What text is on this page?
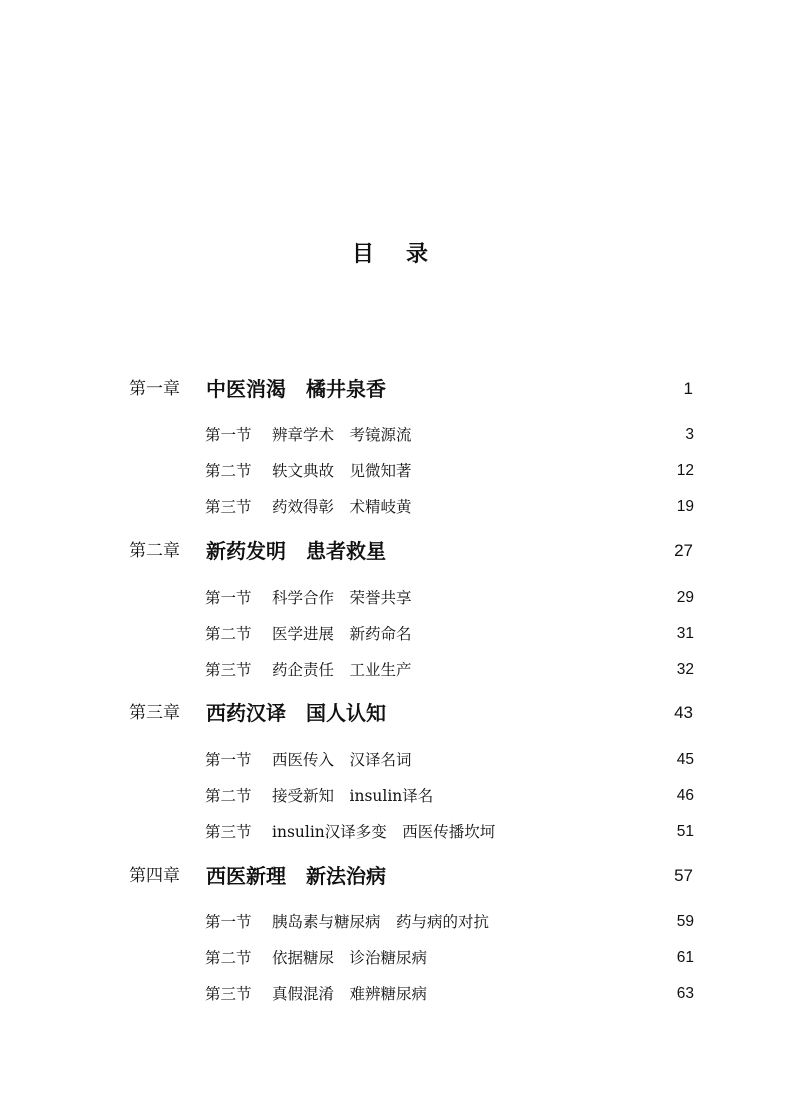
目录
第一章 中医消渴　橘井泉香	1
第一节 辨章学术　考镜源流	3
第二节 轶文典故　见微知著	12
第三节 药效得彰　术精岐黄	19
第二章 新药发明　患者救星	27
第一节 科学合作　荣誉共享	29
第二节 医学进展　新药命名	31
第三节 药企责任　工业生产	32
第三章 西药汉译　国人认知	43
第一节 西医传入　汉译名词	45
第二节 接受新知　insulin译名	46
第三节 insulin汉译多变　西医传播坎坷	51
第四章 西医新理　新法治病	57
第一节 胰岛素与糖尿病　药与病的对抗	59
第二节 依据糖尿　诊治糖尿病	61
第三节 真假混淆　难辨糖尿病	63
